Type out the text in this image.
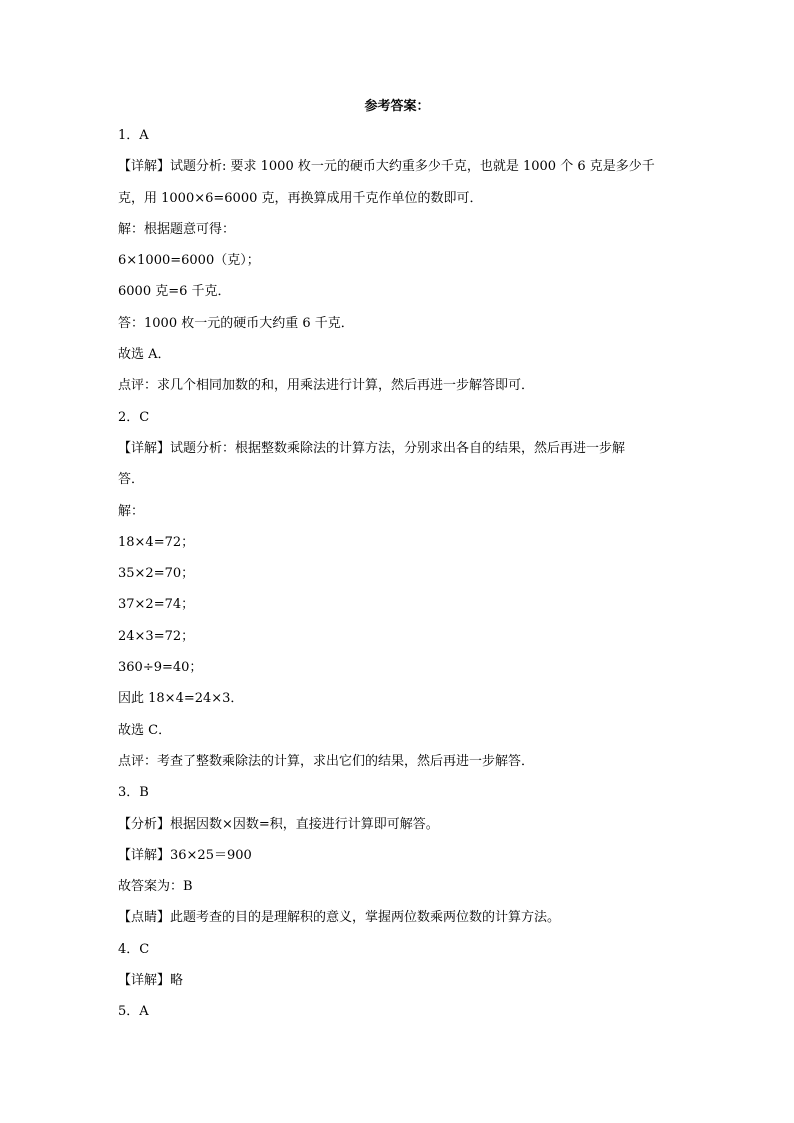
参考答案：
1．A
【详解】试题分析: 要求 1000 枚一元的硬币大约重多少千克，也就是 1000 个 6 克是多少千
克，用 1000×6=6000 克，再换算成用千克作单位的数即可．
解：根据题意可得：
6×1000=6000（克）；
6000 克=6 千克．
答：1000 枚一元的硬币大约重 6 千克．
故选 A．
点评：求几个相同加数的和，用乘法进行计算，然后再进一步解答即可．
2．C
【详解】试题分析：根据整数乘除法的计算方法，分别求出各自的结果，然后再进一步解
答．
解：
18×4=72；
35×2=70；
37×2=74；
24×3=72；
360÷9=40；
因此 18×4=24×3．
故选 C．
点评：考查了整数乘除法的计算，求出它们的结果，然后再进一步解答．
3．B
【分析】根据因数×因数=积，直接进行计算即可解答。
【详解】36×25＝900
故答案为：B
【点睛】此题考查的目的是理解积的意义，掌握两位数乘两位数的计算方法。
4．C
【详解】略
5．A
